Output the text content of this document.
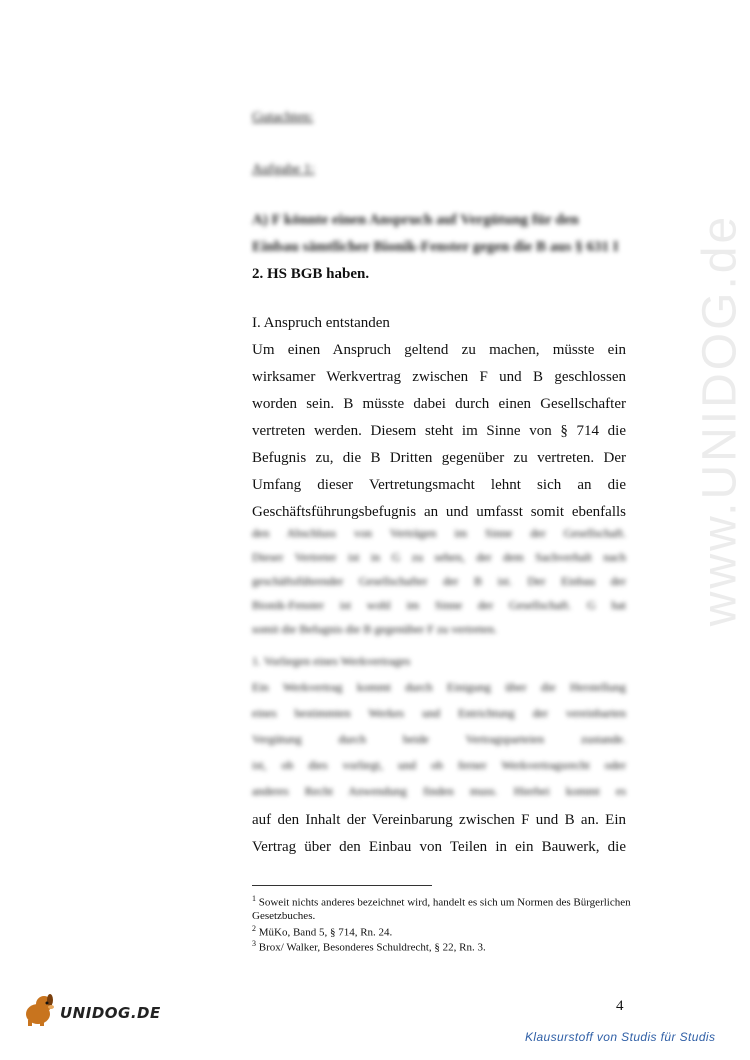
www.UNIDOG.de
Gutachten:
Aufgabe 1:
A) F könnte einen Anspruch auf Vergütung für den
Einbau sämtlicher Bionik-Fenster gegen die B aus § 631 I
2. HS BGB haben.
I. Anspruch entstanden
Um einen Anspruch geltend zu machen, müsste ein
wirksamer Werkvertrag zwischen F und B geschlossen
worden sein. B müsste dabei durch einen Gesellschafter
vertreten werden. Diesem steht im Sinne von § 714 die
Befugnis zu, die B Dritten gegenüber zu vertreten. Der
Umfang dieser Vertretungsmacht lehnt sich an die
Geschäftsführungsbefugnis an und umfasst somit ebenfalls
den Abschluss von Verträgen im Sinne der Gesellschaft.
Dieser Vertreter ist in G zu sehen, der dem Sachverhalt nach
geschäftsführender Gesellschafter der B ist. Der Einbau der
Bionik-Fenster ist wohl im Sinne der Gesellschaft. G hat
somit die Befugnis die B gegenüber F zu vertreten.
1. Vorliegen eines Werkvertrages
Ein Werkvertrag kommt durch Einigung über die Herstellung
eines bestimmten Werkes und Entrichtung der vereinbarten
Vergütung durch beide Vertragsparteien zustande.
ist, ob dies vorliegt, und ob ferner Werkvertragsrecht oder
anderes Recht Anwendung finden muss. Hierbei kommt es
auf den Inhalt der Vereinbarung zwischen F und B an. Ein
Vertrag über den Einbau von Teilen in ein Bauwerk, die
$^1$ Soweit nichts anderes bezeichnet wird, handelt es sich um Normen des Bürgerlichen Gesetzbuches.
$^2$ MüKo, Band 5, § 714, Rn. 24.
$^3$ Brox/ Walker, Besonderes Schuldrecht, § 22, Rn. 3.
4
UNIDOG.DE
Klausurstoff von Studis für Studis
